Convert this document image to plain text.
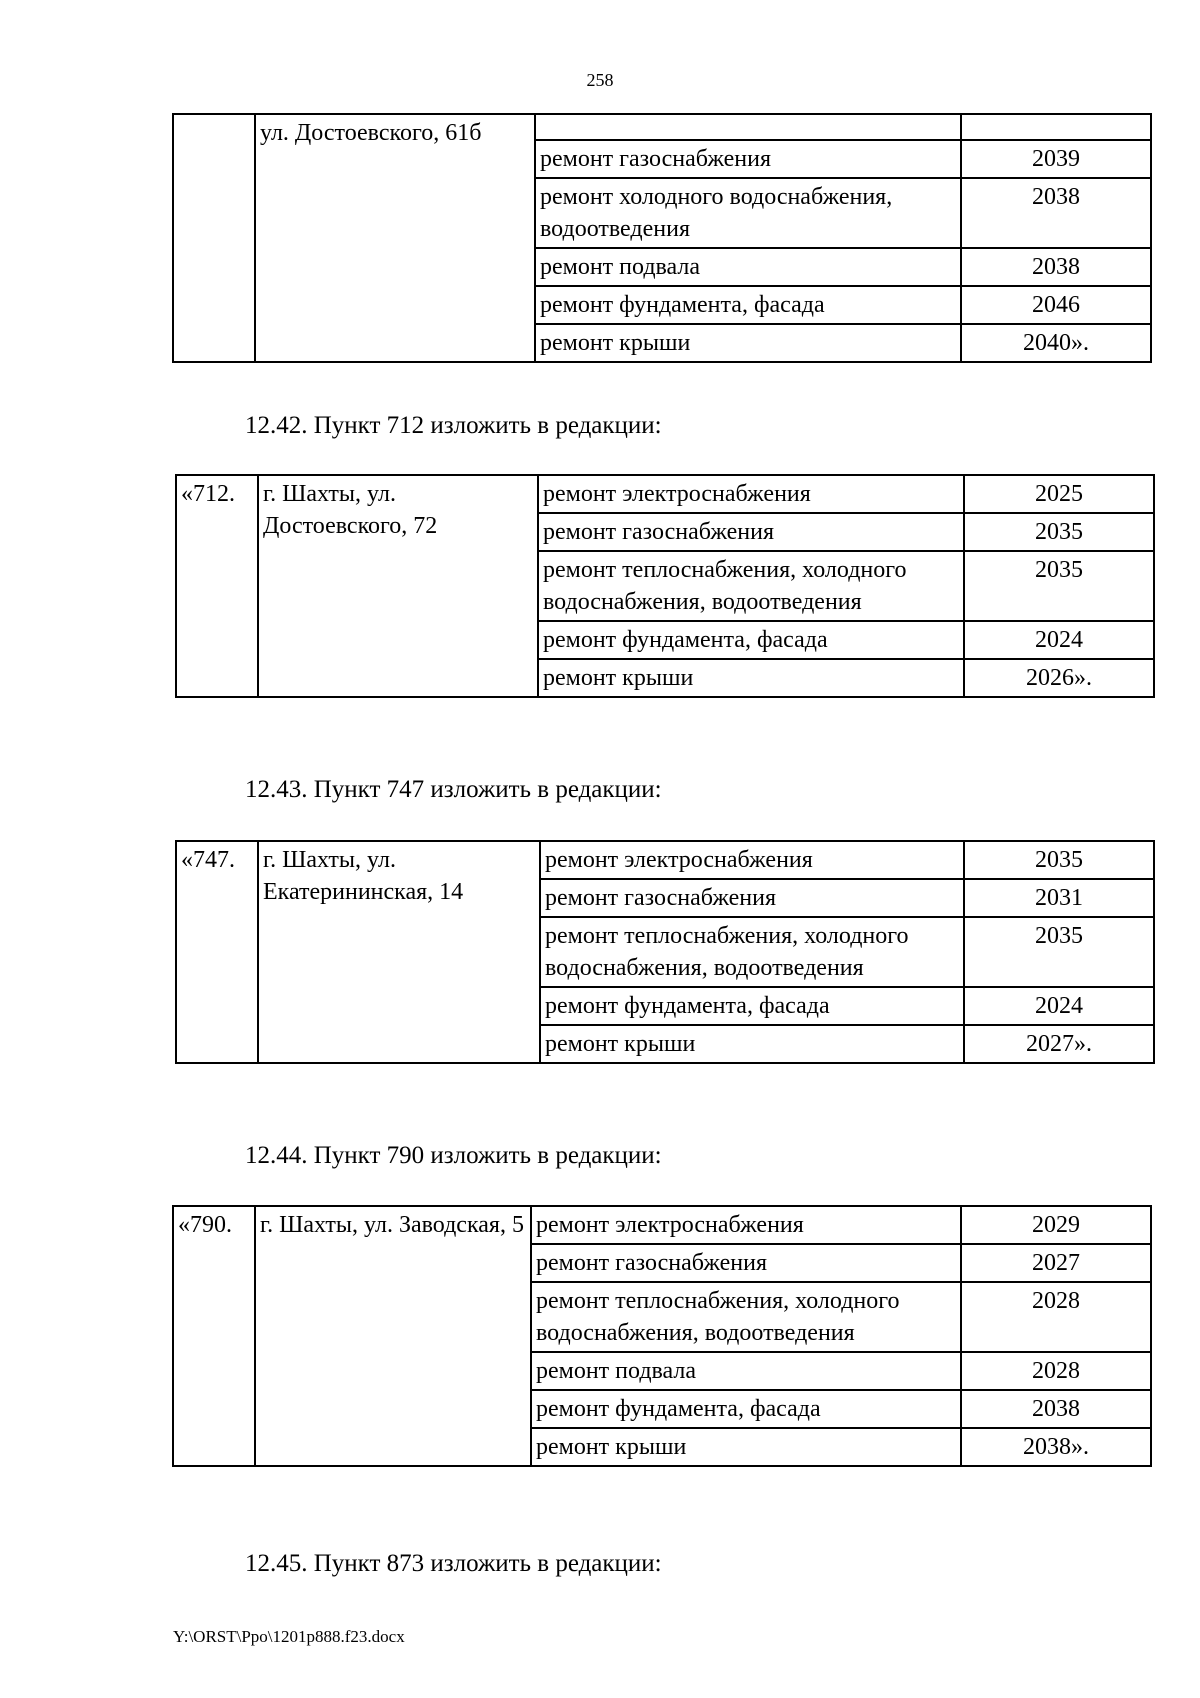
258
	ул. Достоевского, 61б		
		ремонт газоснабжения	2039
		ремонт холодного водоснабжения, водоотведения	2038
		ремонт подвала	2038
		ремонт фундамента, фасада	2046
		ремонт крыши	2040».
12.42. Пункт 712 изложить в редакции:
«712.	г. Шахты, ул. Достоевского, 72	ремонт электроснабжения	2025
		ремонт газоснабжения	2035
		ремонт теплоснабжения, холодного водоснабжения, водоотведения	2035
		ремонт фундамента, фасада	2024
		ремонт крыши	2026».
12.43. Пункт 747 изложить в редакции:
«747.	г. Шахты, ул. Екатерининская, 14	ремонт электроснабжения	2035
		ремонт газоснабжения	2031
		ремонт теплоснабжения, холодного водоснабжения, водоотведения	2035
		ремонт фундамента, фасада	2024
		ремонт крыши	2027».
12.44. Пункт 790 изложить в редакции:
«790.	г. Шахты, ул. Заводская, 5	ремонт электроснабжения	2029
		ремонт газоснабжения	2027
		ремонт теплоснабжения, холодного водоснабжения, водоотведения	2028
		ремонт подвала	2028
		ремонт фундамента, фасада	2038
		ремонт крыши	2038».
12.45. Пункт 873 изложить в редакции:
Y:\ORST\Ppo\1201p888.f23.docx
